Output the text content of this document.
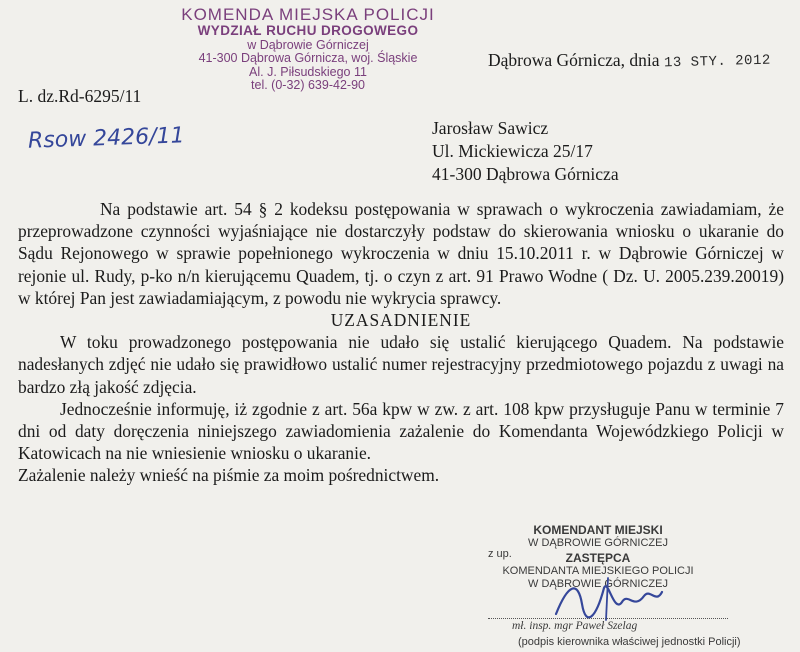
KOMENDA MIEJSKA POLICJI
WYDZIAŁ RUCHU DROGOWEGO
w Dąbrowie Górniczej
41-300 Dąbrowa Górnicza, woj. Śląskie
Al. J. Piłsudskiego 11
tel. (0-32) 639-42-90
Dąbrowa Górnicza, dnia 13 STY. 2012
L. dz.Rd-6295/11
Rsow 2426/11	Jarosław Sawicz
Ul. Mickiewicza 25/17
41-300 Dąbrowa Górnicza

Na podstawie art. 54 § 2 kodeksu postępowania w sprawach o wykroczenia zawiadamiam, że przeprowadzone czynności wyjaśniające nie dostarczyły podstaw do skierowania wniosku o ukaranie do Sądu Rejonowego w sprawie popełnionego wykroczenia w dniu 15.10.2011 r. w Dąbrowie Górniczej w rejonie ul. Rudy, p-ko n/n kierującemu Quadem, tj. o czyn z art. 91 Prawo Wodne ( Dz. U. 2005.239.20019) w której Pan jest zawiadamiającym, z powodu nie wykrycia sprawcy.

UZASADNIENIE

W toku prowadzonego postępowania nie udało się ustalić kierującego Quadem. Na podstawie nadesłanych zdjęć nie udało się prawidłowo ustalić numer rejestracyjny przedmiotowego pojazdu z uwagi na bardzo złą jakość zdjęcia.

Jednocześnie informuję, iż zgodnie z art. 56a kpw w zw. z art. 108 kpw przysługuje Panu w terminie 7 dni od daty doręczenia niniejszego zawiadomienia zażalenie do Komendanta Wojewódzkiego Policji w Katowicach na nie wniesienie wniosku o ukaranie.

Zażalenie należy wnieść na piśmie za moim pośrednictwem.

KOMENDANT MIEJSKI
W DĄBROWIE GÓRNICZEJ
ZASTĘPCA
KOMENDANTA MIEJSKIEGO POLICJI
W DĄBROWIE GÓRNICZEJ
z up.
mł. insp. mgr Paweł Szelag
(podpis kierownika właściwej jednostki Policji)
